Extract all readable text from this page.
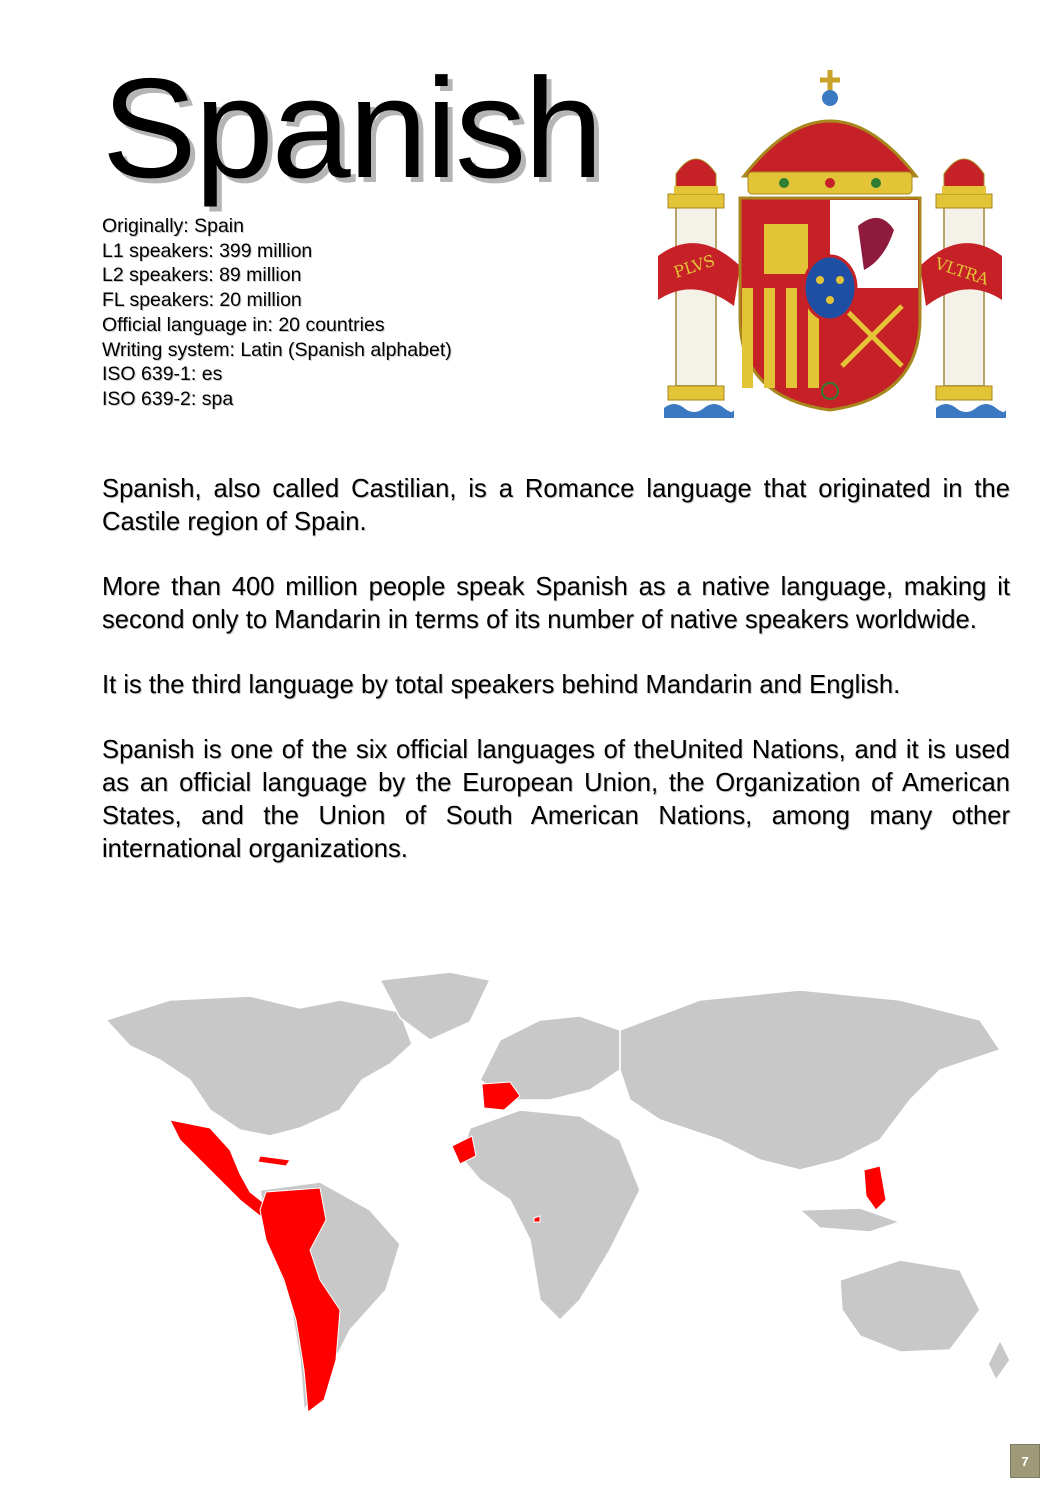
Spanish
Originally: Spain
L1 speakers: 399 million
L2 speakers: 89 million
FL speakers: 20 million
Official language in: 20 countries
Writing system: Latin (Spanish alphabet)
ISO 639-1: es
ISO 639-2: spa
PLVS	VLTRA

Spanish, also called Castilian, is a Romance language that originated in the Castile region of Spain.

More than 400 million people speak Spanish as a native language, making it second only to Mandarin in terms of its number of native speakers worldwide.

It is the third language by total speakers behind Mandarin and English.

Spanish is one of the six official languages of theUnited Nations, and it is used as an official language by the European Union, the Organization of American States, and the Union of South American Nations, among many other international organizations.

7
